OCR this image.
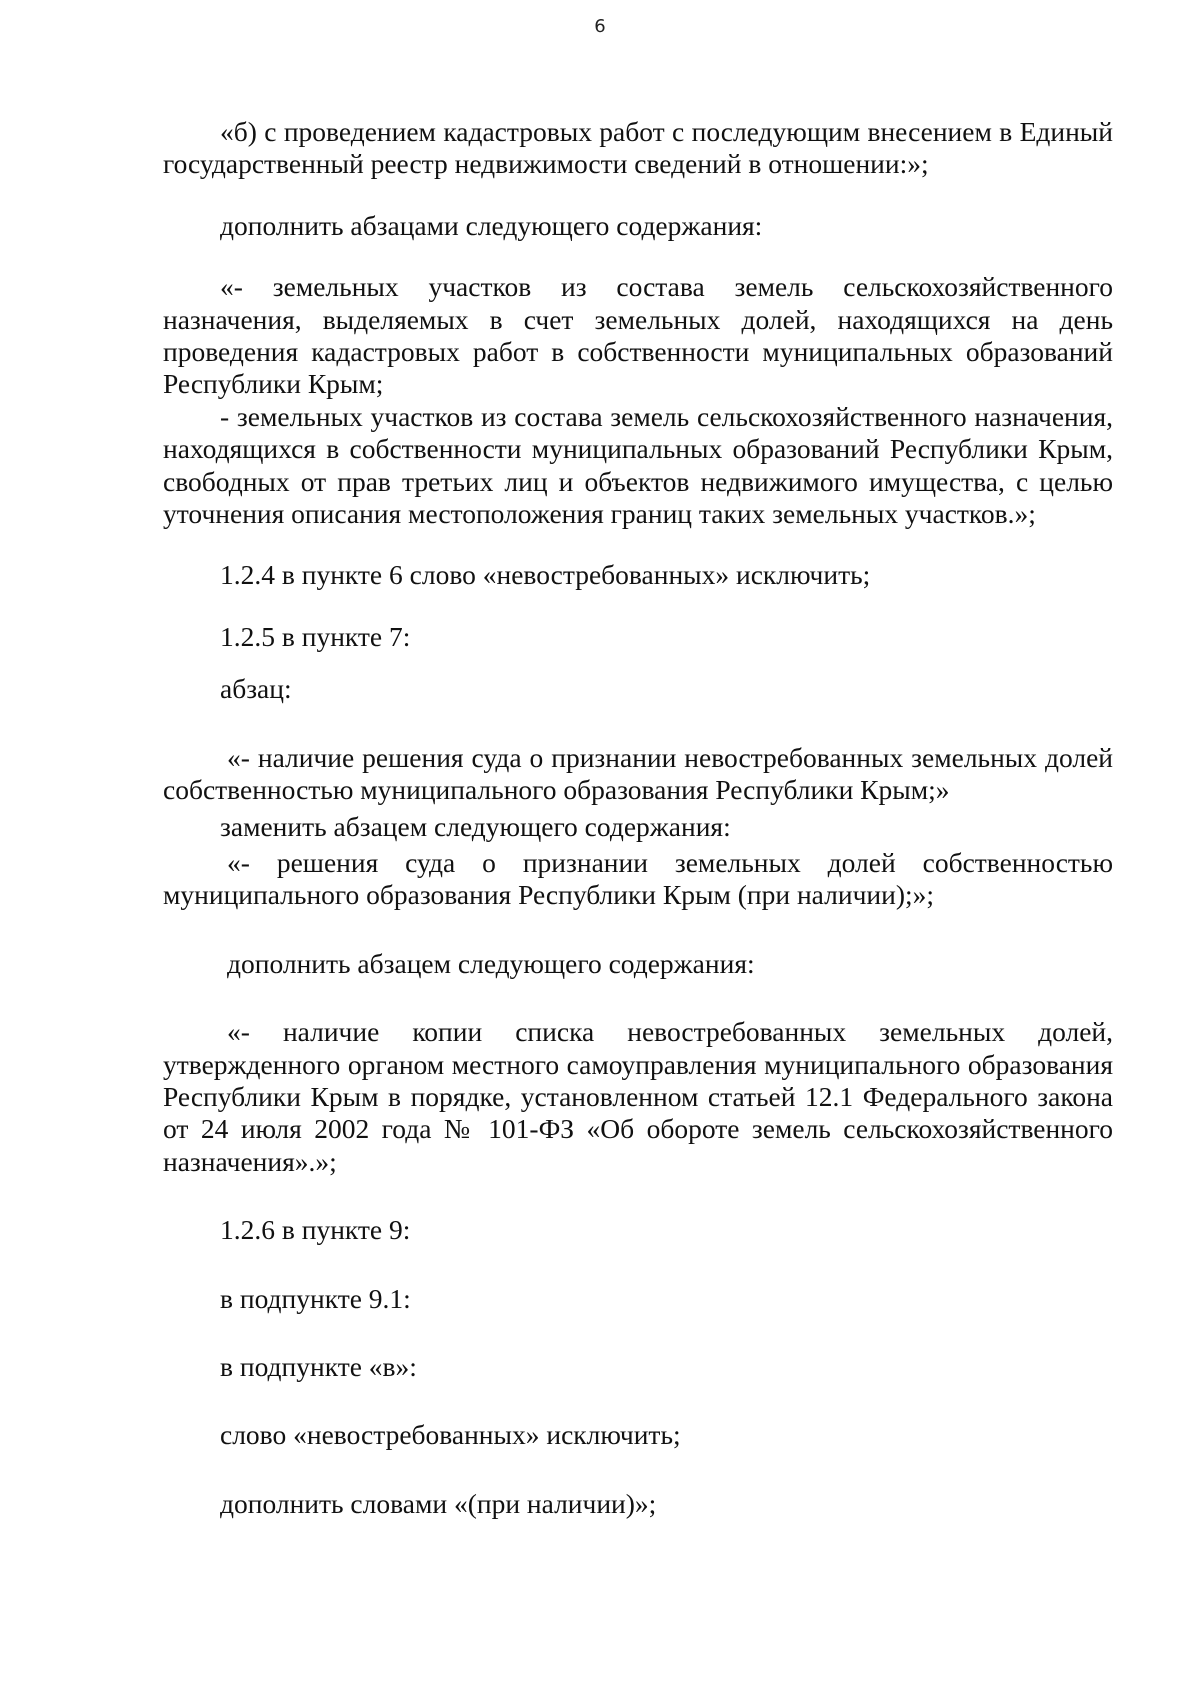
6

«б) с проведением кадастровых работ с последующим внесением в Единый государственный реестр недвижимости сведений в отношении:»;

дополнить абзацами следующего содержания:

«- земельных участков из состава земель сельскохозяйственного назначения, выделяемых в счет земельных долей, находящихся на день проведения кадастровых работ в собственности муниципальных образований Республики Крым;

- земельных участков из состава земель сельскохозяйственного назначения, находящихся в собственности муниципальных образований Республики Крым, свободных от прав третьих лиц и объектов недвижимого имущества, с целью уточнения описания местоположения границ таких земельных участков.»;

1.2.4 в пункте 6 слово «невостребованных» исключить;

1.2.5 в пункте 7:

абзац:

«- наличие решения суда о признании невостребованных земельных долей собственностью муниципального образования Республики Крым;»

заменить абзацем следующего содержания:

«- решения суда о признании земельных долей собственностью муниципального образования Республики Крым (при наличии);»;

дополнить абзацем следующего содержания:

«- наличие копии списка невостребованных земельных долей, утвержденного органом местного самоуправления муниципального образования Республики Крым в порядке, установленном статьей 12.1 Федерального закона от 24 июля 2002 года № 101-ФЗ «Об обороте земель сельскохозяйственного назначения».»;

1.2.6 в пункте 9:

в подпункте 9.1:

в подпункте «в»:

слово «невостребованных» исключить;

дополнить словами «(при наличии)»;
